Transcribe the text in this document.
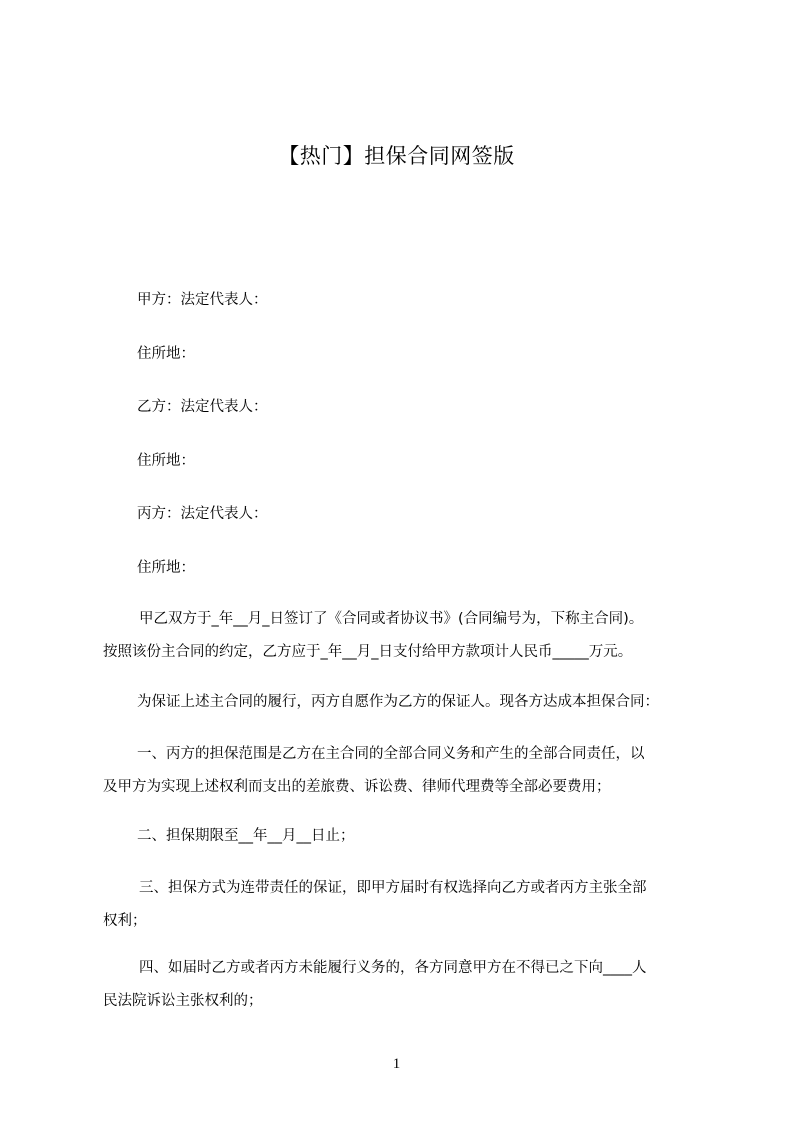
【热门】担保合同网签版
甲方：法定代表人：
住所地：
乙方：法定代表人：
住所地：
丙方：法定代表人：
住所地：
甲乙双方于_年__月_日签订了《合同或者协议书》(合同编号为，下称主合同)。
按照该份主合同的约定，乙方应于_年__月_日支付给甲方款项计人民币_____万元。
为保证上述主合同的履行，丙方自愿作为乙方的保证人。现各方达成本担保合同：
一、丙方的担保范围是乙方在主合同的全部合同义务和产生的全部合同责任，以
及甲方为实现上述权利而支出的差旅费、诉讼费、律师代理费等全部必要费用；
二、担保期限至__年__月__日止；
三、担保方式为连带责任的保证，即甲方届时有权选择向乙方或者丙方主张全部
权利；
四、如届时乙方或者丙方未能履行义务的，各方同意甲方在不得已之下向____人
民法院诉讼主张权利的；
1
